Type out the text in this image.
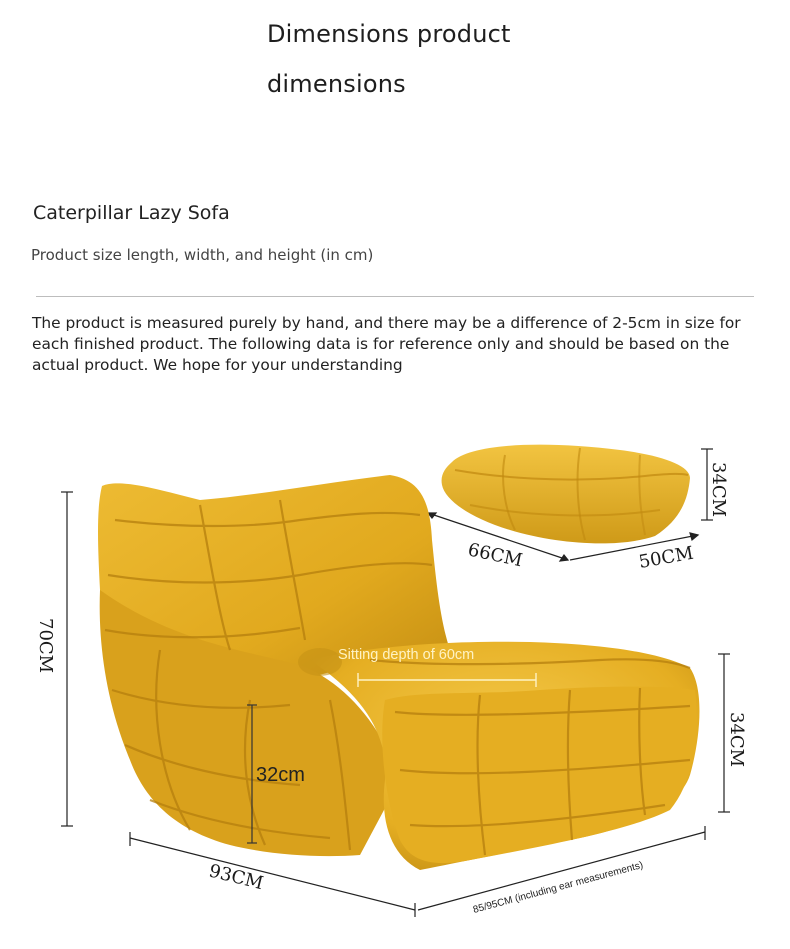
Dimensions product
dimensions
Caterpillar Lazy Sofa
Product size length, width, and height (in cm)
The product is measured purely by hand, and there may be a difference of 2-5cm in size for each finished product. The following data is for reference only and should be based on the actual product. We hope for your understanding
34CM
66CM	50CM
70CM	Sitting depth of 60cm
32cm
34CM
93CM	85/95CM (including ear measurements)
